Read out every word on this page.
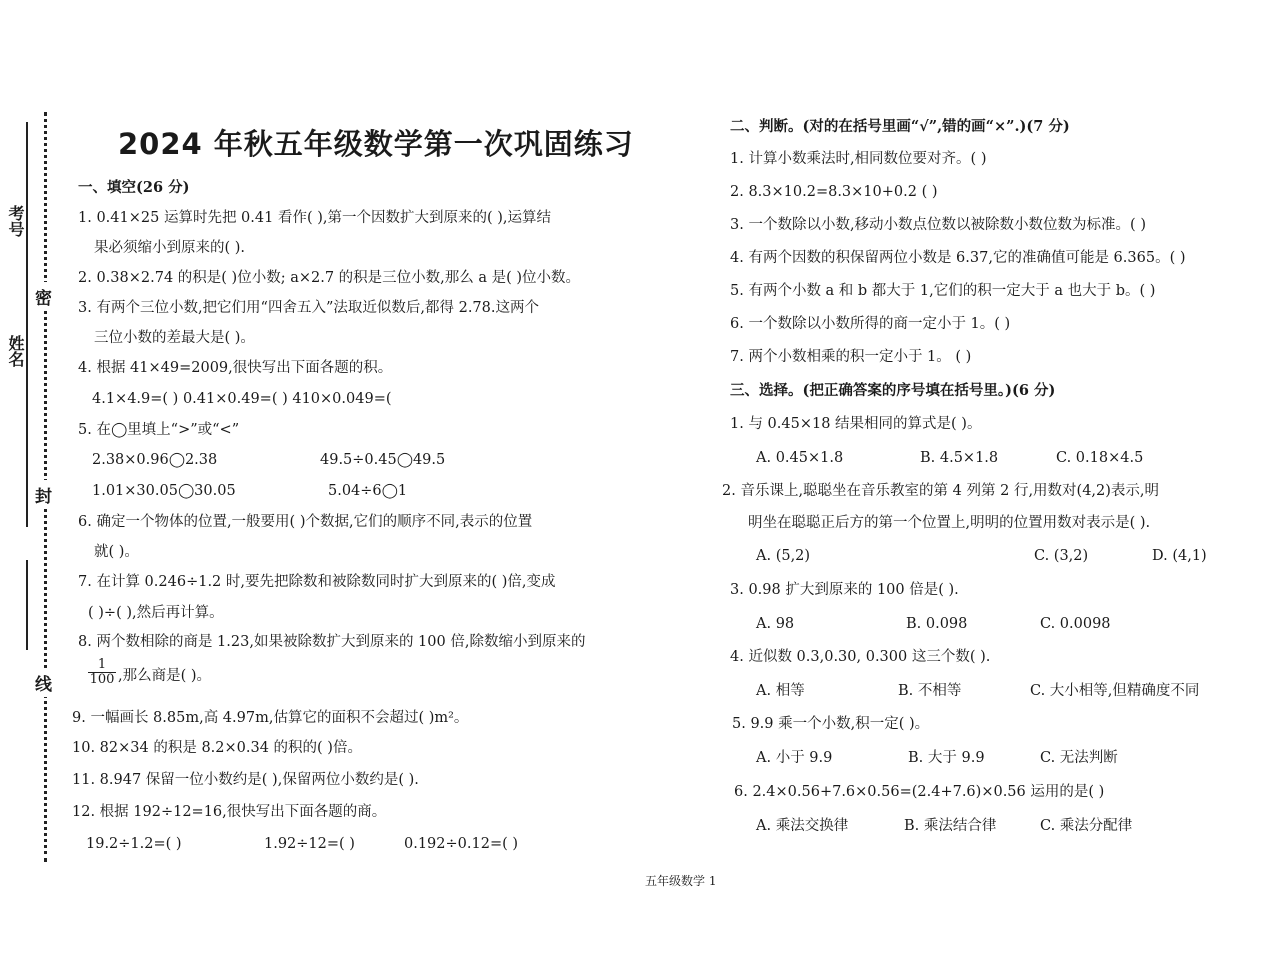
考号
姓名
密
封
线
2024 年秋五年级数学第一次巩固练习
一、填空(26 分)
1. 0.41×25 运算时先把 0.41 看作( ),第一个因数扩大到原来的( ),运算结
果必须缩小到原来的( ).
2. 0.38×2.74 的积是( )位小数; a×2.7 的积是三位小数,那么 a 是( )位小数。
3. 有两个三位小数,把它们用“四舍五入”法取近似数后,都得 2.78.这两个
三位小数的差最大是( )。
4. 根据 41×49=2009,很快写出下面各题的积。
4.1×4.9=( ) 0.41×0.49=( ) 410×0.049=(
5. 在◯里填上“>”或“<”
2.38×0.96◯2.38	49.5÷0.45◯49.5
1.01×30.05◯30.05	5.04÷6◯1
6. 确定一个物体的位置,一般要用( )个数据,它们的顺序不同,表示的位置
就( )。
7. 在计算 0.246÷1.2 时,要先把除数和被除数同时扩大到原来的( )倍,变成
( )÷( ),然后再计算。
8. 两个数相除的商是 1.23,如果被除数扩大到原来的 100 倍,除数缩小到原来的
$\frac{1}{100}$ ,那么商是( )。
9. 一幅画长 8.85m,高 4.97m,估算它的面积不会超过( )m²。
10. 82×34 的积是 8.2×0.34 的积的( )倍。
11. 8.947 保留一位小数约是( ),保留两位小数约是( ).
12. 根据 192÷12=16,很快写出下面各题的商。
19.2÷1.2=( )	1.92÷12=( )	0.192÷0.12=( )
二、判断。(对的在括号里画“√”,错的画“×”.)(7 分)
1. 计算小数乘法时,相同数位要对齐。( )
2. 8.3×10.2=8.3×10+0.2 ( )
3. 一个数除以小数,移动小数点位数以被除数小数位数为标准。( )
4. 有两个因数的积保留两位小数是 6.37,它的准确值可能是 6.365。( )
5. 有两个小数 a 和 b 都大于 1,它们的积一定大于 a 也大于 b。( )
6. 一个数除以小数所得的商一定小于 1。( )
7. 两个小数相乘的积一定小于 1。 ( )
三、选择。(把正确答案的序号填在括号里。)(6 分)
1. 与 0.45×18 结果相同的算式是( )。
A. 0.45×1.8	B. 4.5×1.8	C. 0.18×4.5
2. 音乐课上,聪聪坐在音乐教室的第 4 列第 2 行,用数对(4,2)表示,明
明坐在聪聪正后方的第一个位置上,明明的位置用数对表示是( ).
A. (5,2)	C. (3,2)	D. (4,1)
3. 0.98 扩大到原来的 100 倍是( ).
A. 98	B. 0.098	C. 0.0098
4. 近似数 0.3,0.30, 0.300 这三个数( ).
A. 相等	B. 不相等	C. 大小相等,但精确度不同
5. 9.9 乘一个小数,积一定( )。
A. 小于 9.9	B. 大于 9.9	C. 无法判断
6. 2.4×0.56+7.6×0.56=(2.4+7.6)×0.56 运用的是( )
A. 乘法交换律	B. 乘法结合律	C. 乘法分配律
五年级数学 1
